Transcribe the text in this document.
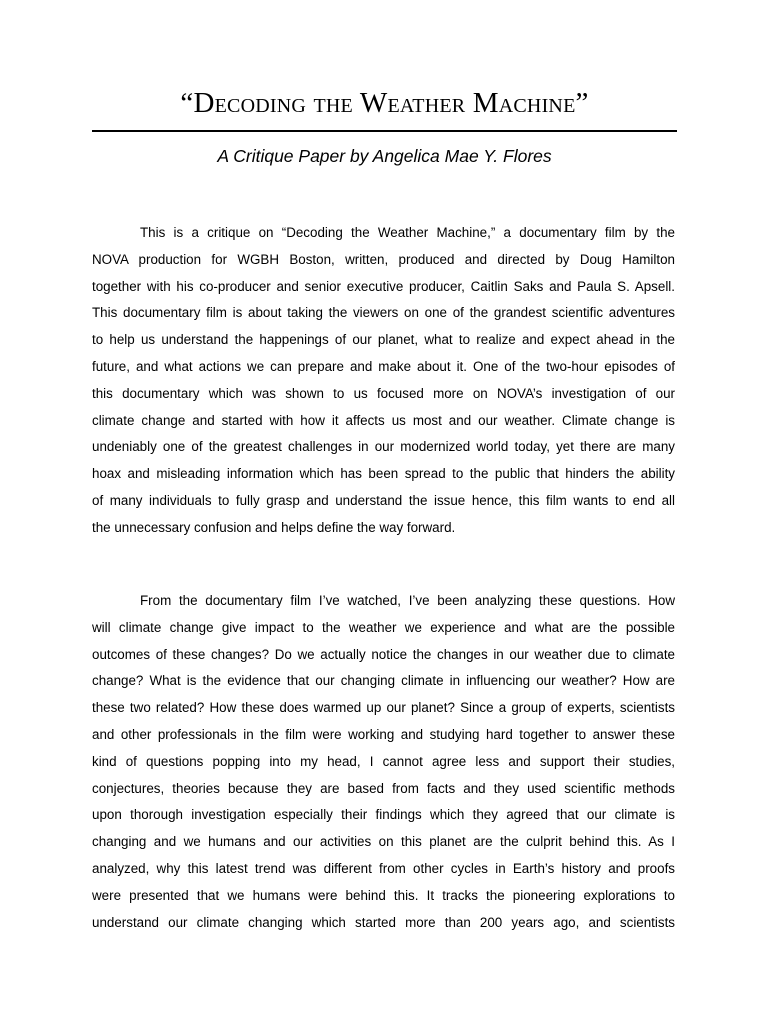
“Decoding the Weather Machine”
A Critique Paper by Angelica Mae Y. Flores
This is a critique on “Decoding the Weather Machine,” a documentary film by the
NOVA production for WGBH Boston, written, produced and directed by Doug Hamilton
together with his co-producer and senior executive producer, Caitlin Saks and Paula S. Apsell.
This documentary film is about taking the viewers on one of the grandest scientific adventures
to help us understand the happenings of our planet, what to realize and expect ahead in the
future, and what actions we can prepare and make about it. One of the two-hour episodes of
this documentary which was shown to us focused more on NOVA’s investigation of our
climate change and started with how it affects us most and our weather. Climate change is
undeniably one of the greatest challenges in our modernized world today, yet there are many
hoax and misleading information which has been spread to the public that hinders the ability
of many individuals to fully grasp and understand the issue hence, this film wants to end all
the unnecessary confusion and helps define the way forward.
From the documentary film I’ve watched, I’ve been analyzing these questions. How
will climate change give impact to the weather we experience and what are the possible
outcomes of these changes? Do we actually notice the changes in our weather due to climate
change? What is the evidence that our changing climate in influencing our weather? How are
these two related? How these does warmed up our planet? Since a group of experts, scientists
and other professionals in the film were working and studying hard together to answer these
kind of questions popping into my head, I cannot agree less and support their studies,
conjectures, theories because they are based from facts and they used scientific methods
upon thorough investigation especially their findings which they agreed that our climate is
changing and we humans and our activities on this planet are the culprit behind this. As I
analyzed, why this latest trend was different from other cycles in Earth’s history and proofs
were presented that we humans were behind this. It tracks the pioneering explorations to
understand our climate changing which started more than 200 years ago, and scientists
